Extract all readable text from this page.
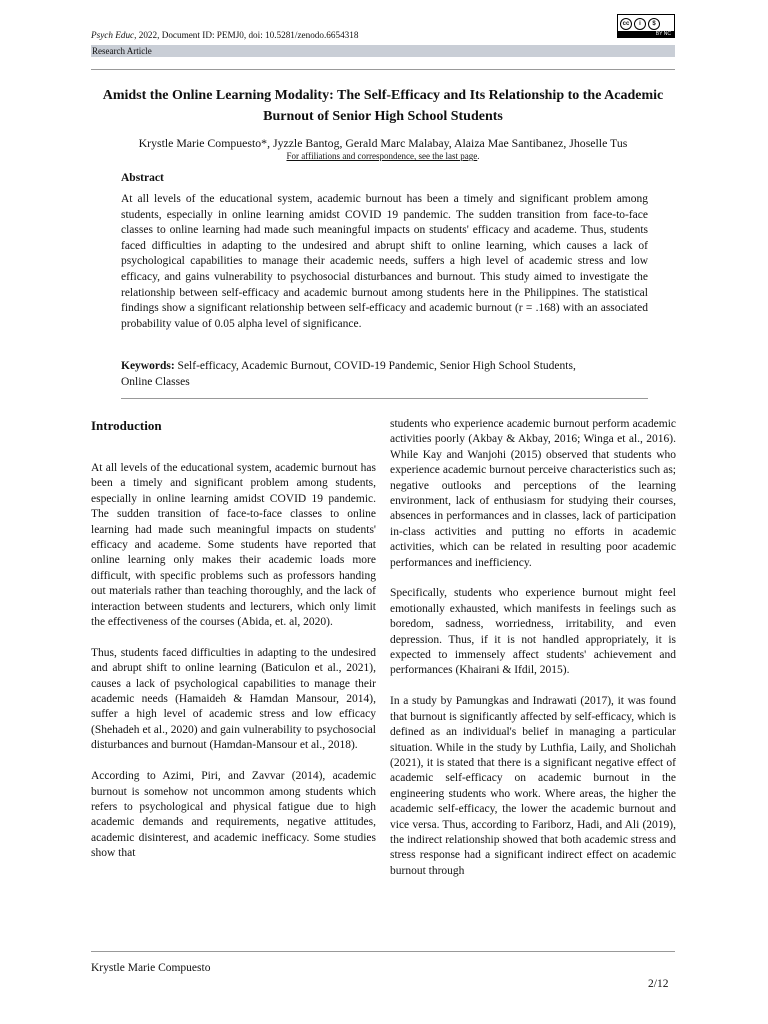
Psych Educ, 2022, Document ID: PEMJ0, doi: 10.5281/zenodo.6654318
cc	i	$
BY NC
Research Article
Amidst the Online Learning Modality: The Self-Efficacy and Its Relationship to the Academic Burnout of Senior High School Students
Krystle Marie Compuesto*, Jyzzle Bantog, Gerald Marc Malabay, Alaiza Mae Santibanez, Jhoselle Tus
For affiliations and correspondence, see the last page.
Abstract

At all levels of the educational system, academic burnout has been a timely and significant problem among students, especially in online learning amidst COVID 19 pandemic. The sudden transition from face-to-face classes to online learning had made such meaningful impacts on students' efficacy and academe. Thus, students faced difficulties in adapting to the undesired and abrupt shift to online learning, which causes a lack of psychological capabilities to manage their academic needs, suffers a high level of academic stress and low efficacy, and gains vulnerability to psychosocial disturbances and burnout. This study aimed to investigate the relationship between self-efficacy and academic burnout among students here in the Philippines. The statistical findings show a significant relationship between self-efficacy and academic burnout (r = .168) with an associated probability value of 0.05 alpha level of significance.

Keywords: Self-efficacy, Academic Burnout, COVID-19 Pandemic, Senior High School Students, Online Classes

Introduction

At all levels of the educational system, academic burnout has been a timely and significant problem among students, especially in online learning amidst COVID 19 pandemic. The sudden transition of face-to-face classes to online learning had made such meaningful impacts on students' efficacy and academe. Some students have reported that online learning only makes their academic loads more difficult, with specific problems such as professors handing out materials rather than teaching thoroughly, and the lack of interaction between students and lecturers, which only limit the effectiveness of the courses (Abida, et. al, 2020).

Thus, students faced difficulties in adapting to the undesired and abrupt shift to online learning (Baticulon et al., 2021), causes a lack of psychological capabilities to manage their academic needs (Hamaideh & Hamdan Mansour, 2014), suffer a high level of academic stress and low efficacy (Shehadeh et al., 2020) and gain vulnerability to psychosocial disturbances and burnout (Hamdan-Mansour et al., 2018).

According to Azimi, Piri, and Zavvar (2014), academic burnout is somehow not uncommon among students which refers to psychological and physical fatigue due to high academic demands and requirements, negative attitudes, academic disinterest, and academic inefficacy. Some studies show that

students who experience academic burnout perform academic activities poorly (Akbay & Akbay, 2016; Winga et al., 2016). While Kay and Wanjohi (2015) observed that students who experience academic burnout perceive characteristics such as; negative outlooks and perceptions of the learning environment, lack of enthusiasm for studying their courses, absences in performances and in classes, lack of participation in-class activities and putting no efforts in academic activities, which can be related in resulting poor academic performances and inefficiency.

Specifically, students who experience burnout might feel emotionally exhausted, which manifests in feelings such as boredom, sadness, worriedness, irritability, and even depression. Thus, if it is not handled appropriately, it is expected to immensely affect students' achievement and performances (Khairani & Ifdil, 2015).

In a study by Pamungkas and Indrawati (2017), it was found that burnout is significantly affected by self-efficacy, which is defined as an individual's belief in managing a particular situation. While in the study by Luthfia, Laily, and Sholichah (2021), it is stated that there is a significant negative effect of academic self-efficacy on academic burnout in the engineering students who work. Where areas, the higher the academic self-efficacy, the lower the academic burnout and vice versa. Thus, according to Fariborz, Hadi, and Ali (2019), the indirect relationship showed that both academic stress and stress response had a significant indirect effect on academic burnout through

Krystle Marie Compuesto
2/12
